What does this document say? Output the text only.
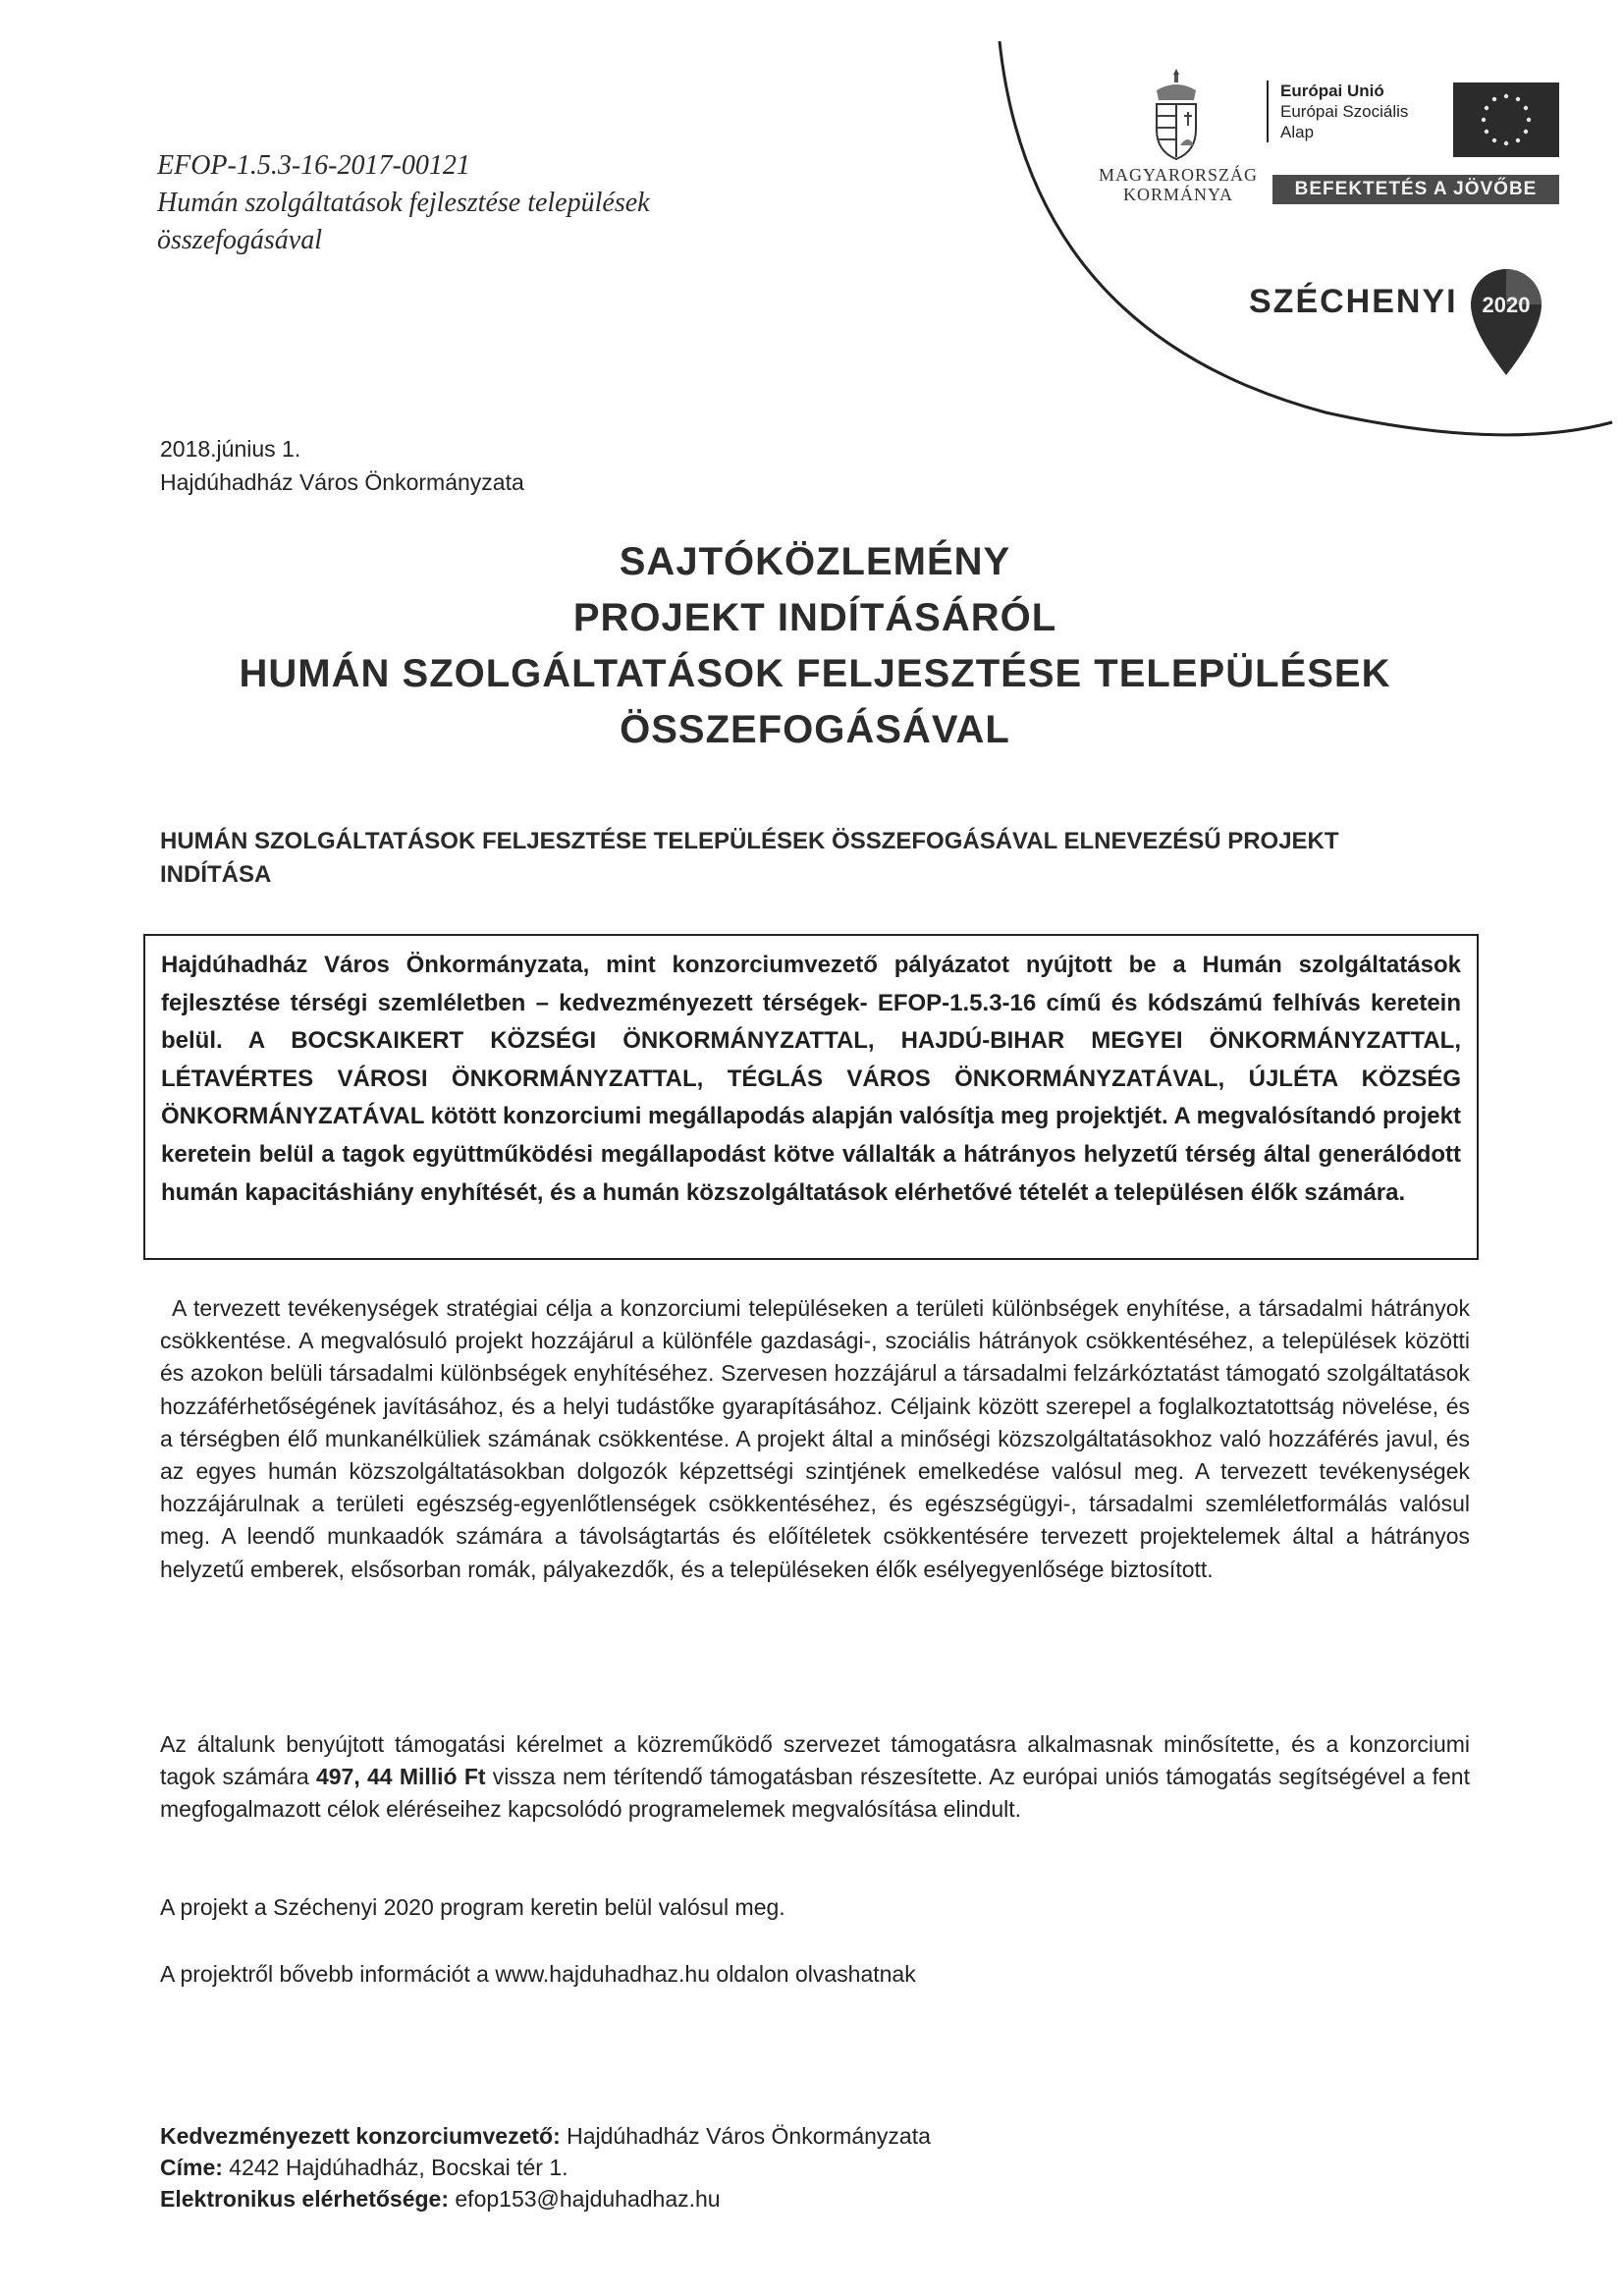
EFOP-1.5.3-16-2017-00121
Humán szolgáltatások fejlesztése települések
összefogásával
MAGYARORSZÁG
KORMÁNYA
Európai Unió
Európai Szociális
Alap
BEFEKTETÉS A JÖVŐBE
SZÉCHENYI 2020
2018.június 1.
Hajdúhadház Város Önkormányzata
SAJTÓKÖZLEMÉNY
PROJEKT INDÍTÁSÁRÓL
HUMÁN SZOLGÁLTATÁSOK FELJESZTÉSE TELEPÜLÉSEK
ÖSSZEFOGÁSÁVAL
HUMÁN SZOLGÁLTATÁSOK FELJESZTÉSE TELEPÜLÉSEK ÖSSZEFOGÁSÁVAL ELNEVEZÉSŰ PROJEKT INDÍTÁSA
Hajdúhadház Város Önkormányzata, mint konzorciumvezető pályázatot nyújtott be a Humán szolgáltatások fejlesztése térségi szemléletben – kedvezményezett térségek- EFOP-1.5.3-16 című és kódszámú felhívás keretein belül. A BOCSKAIKERT KÖZSÉGI ÖNKORMÁNYZATTAL, HAJDÚ-BIHAR MEGYEI ÖNKORMÁNYZATTAL, LÉTAVÉRTES VÁROSI ÖNKORMÁNYZATTAL, TÉGLÁS VÁROS ÖNKORMÁNYZATÁVAL, ÚJLÉTA KÖZSÉG ÖNKORMÁNYZATÁVAL kötött konzorciumi megállapodás alapján valósítja meg projektjét. A megvalósítandó projekt keretein belül a tagok együttműködési megállapodást kötve vállalták a hátrányos helyzetű térség által generálódott humán kapacitáshiány enyhítését, és a humán közszolgáltatások elérhetővé tételét a településen élők számára.
A tervezett tevékenységek stratégiai célja a konzorciumi településeken a területi különbségek enyhítése, a társadalmi hátrányok csökkentése. A megvalósuló projekt hozzájárul a különféle gazdasági-, szociális hátrányok csökkentéséhez, a települések közötti és azokon belüli társadalmi különbségek enyhítéséhez. Szervesen hozzájárul a társadalmi felzárkóztatást támogató szolgáltatások hozzáférhetőségének javításához, és a helyi tudástőke gyarapításához. Céljaink között szerepel a foglalkoztatottság növelése, és a térségben élő munkanélküliek számának csökkentése. A projekt által a minőségi közszolgáltatásokhoz való hozzáférés javul, és az egyes humán közszolgáltatásokban dolgozók képzettségi szintjének emelkedése valósul meg. A tervezett tevékenységek hozzájárulnak a területi egészség-egyenlőtlenségek csökkentéséhez, és egészségügyi-, társadalmi szemléletformálás valósul meg. A leendő munkaadók számára a távolságtartás és előítéletek csökkentésére tervezett projektelemek által a hátrányos helyzetű emberek, elsősorban romák, pályakezdők, és a településeken élők esélyegyenlősége biztosított.
Az általunk benyújtott támogatási kérelmet a közreműködő szervezet támogatásra alkalmasnak minősítette, és a konzorciumi tagok számára 497, 44 Millió Ft vissza nem térítendő támogatásban részesítette. Az európai uniós támogatás segítségével a fent megfogalmazott célok eléréseihez kapcsolódó programelemek megvalósítása elindult.
A projekt a Széchenyi 2020 program keretin belül valósul meg.
A projektről bővebb információt a www.hajduhadhaz.hu oldalon olvashatnak
Kedvezményezett konzorciumvezető: Hajdúhadház Város Önkormányzata
Címe: 4242 Hajdúhadház, Bocskai tér 1.
Elektronikus elérhetősége: efop153@hajduhadhaz.hu
